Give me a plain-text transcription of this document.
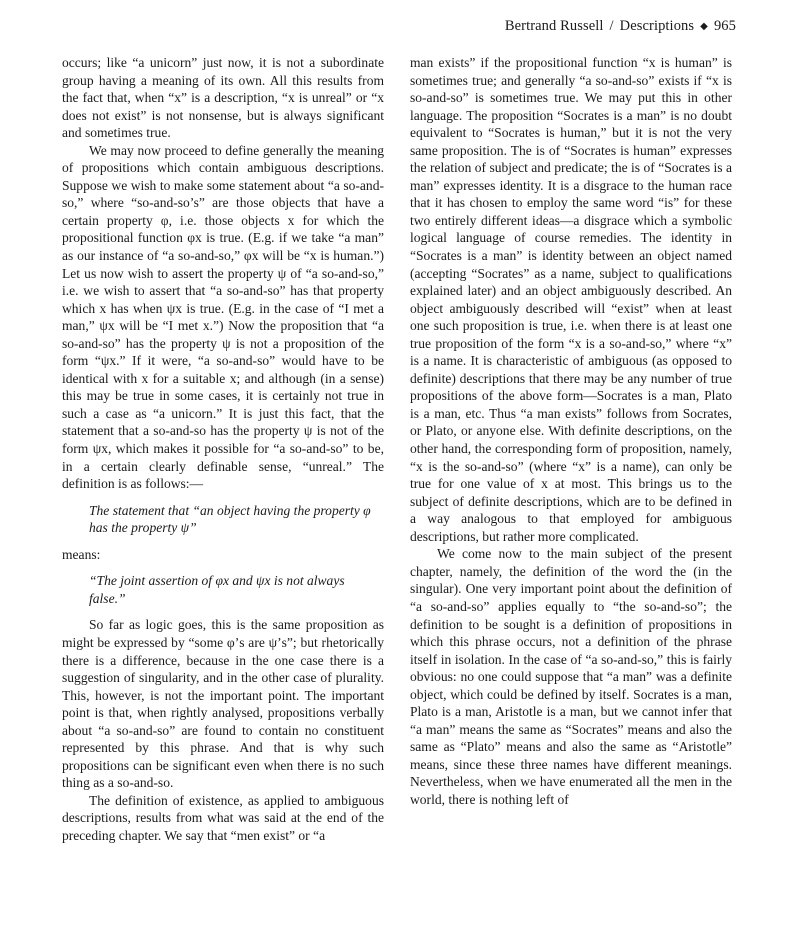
Bertrand Russell / Descriptions ◆ 965

occurs; like “a unicorn” just now, it is not a subordinate group having a meaning of its own. All this results from the fact that, when “x” is a description, “x is unreal” or “x does not exist” is not nonsense, but is always significant and sometimes true.

We may now proceed to define generally the meaning of propositions which contain ambiguous descriptions. Suppose we wish to make some statement about “a so-and-so,” where “so-and-so’s” are those objects that have a certain property φ, i.e. those objects x for which the propositional function φx is true. (E.g. if we take “a man” as our instance of “a so-and-so,” φx will be “x is human.”) Let us now wish to assert the property ψ of “a so-and-so,” i.e. we wish to assert that “a so-and-so” has that property which x has when ψx is true. (E.g. in the case of “I met a man,” ψx will be “I met x.”) Now the proposition that “a so-and-so” has the property ψ is not a proposition of the form “ψx.” If it were, “a so-and-so” would have to be identical with x for a suitable x; and although (in a sense) this may be true in some cases, it is certainly not true in such a case as “a unicorn.” It is just this fact, that the statement that a so-and-so has the property ψ is not of the form ψx, which makes it possible for “a so-and-so” to be, in a certain clearly definable sense, “unreal.” The definition is as follows:—

The statement that “an object having the property φ has the property ψ”

means:

“The joint assertion of φx and ψx is not always false.”

So far as logic goes, this is the same proposition as might be expressed by “some φ’s are ψ’s”; but rhetorically there is a difference, because in the one case there is a suggestion of singularity, and in the other case of plurality. This, however, is not the important point. The important point is that, when rightly analysed, propositions verbally about “a so-and-so” are found to contain no constituent represented by this phrase. And that is why such propositions can be significant even when there is no such thing as a so-and-so.

The definition of existence, as applied to ambiguous descriptions, results from what was said at the end of the preceding chapter. We say that “men exist” or “a

man exists” if the propositional function “x is human” is sometimes true; and generally “a so-and-so” exists if “x is so-and-so” is sometimes true. We may put this in other language. The proposition “Socrates is a man” is no doubt equivalent to “Socrates is human,” but it is not the very same proposition. The is of “Socrates is human” expresses the relation of subject and predicate; the is of “Socrates is a man” expresses identity. It is a disgrace to the human race that it has chosen to employ the same word “is” for these two entirely different ideas—a disgrace which a symbolic logical language of course remedies. The identity in “Socrates is a man” is identity between an object named (accepting “Socrates” as a name, subject to qualifications explained later) and an object ambiguously described. An object ambiguously described will “exist” when at least one such proposition is true, i.e. when there is at least one true proposition of the form “x is a so-and-so,” where “x” is a name. It is characteristic of ambiguous (as opposed to definite) descriptions that there may be any number of true propositions of the above form—Socrates is a man, Plato is a man, etc. Thus “a man exists” follows from Socrates, or Plato, or anyone else. With definite descriptions, on the other hand, the corresponding form of proposition, namely, “x is the so-and-so” (where “x” is a name), can only be true for one value of x at most. This brings us to the subject of definite descriptions, which are to be defined in a way analogous to that employed for ambiguous descriptions, but rather more complicated.

We come now to the main subject of the present chapter, namely, the definition of the word the (in the singular). One very important point about the definition of “a so-and-so” applies equally to “the so-and-so”; the definition to be sought is a definition of propositions in which this phrase occurs, not a definition of the phrase itself in isolation. In the case of “a so-and-so,” this is fairly obvious: no one could suppose that “a man” was a definite object, which could be defined by itself. Socrates is a man, Plato is a man, Aristotle is a man, but we cannot infer that “a man” means the same as “Socrates” means and also the same as “Plato” means and also the same as “Aristotle” means, since these three names have different meanings. Nevertheless, when we have enumerated all the men in the world, there is nothing left of
